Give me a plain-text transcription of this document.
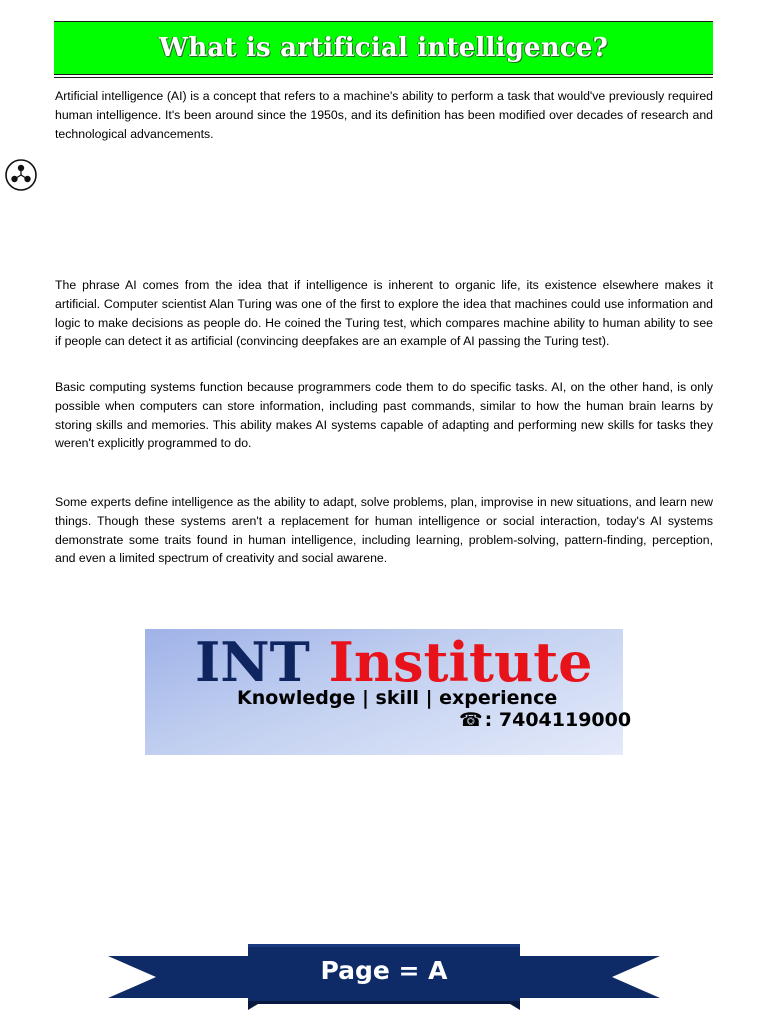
What is artificial intelligence?

Artificial intelligence (AI) is a concept that refers to a machine's ability to perform a task that would've previously required human intelligence. It's been around since the 1950s, and its definition has been modified over decades of research and technological advancements.

The phrase AI comes from the idea that if intelligence is inherent to organic life, its existence elsewhere makes it artificial. Computer scientist Alan Turing was one of the first to explore the idea that machines could use information and logic to make decisions as people do. He coined the Turing test, which compares machine ability to human ability to see if people can detect it as artificial (convincing deepfakes are an example of AI passing the Turing test).

Basic computing systems function because programmers code them to do specific tasks. AI, on the other hand, is only possible when computers can store information, including past commands, similar to how the human brain learns by storing skills and memories. This ability makes AI systems capable of adapting and performing new skills for tasks they weren't explicitly programmed to do.

Some experts define intelligence as the ability to adapt, solve problems, plan, improvise in new situations, and learn new things. Though these systems aren't a replacement for human intelligence or social interaction, today's AI systems demonstrate some traits found in human intelligence, including learning, problem-solving, pattern-finding, perception, and even a limited spectrum of creativity and social awarene.

INT Institute
Knowledge | skill | experience
☎ : 7404119000
Page = A
